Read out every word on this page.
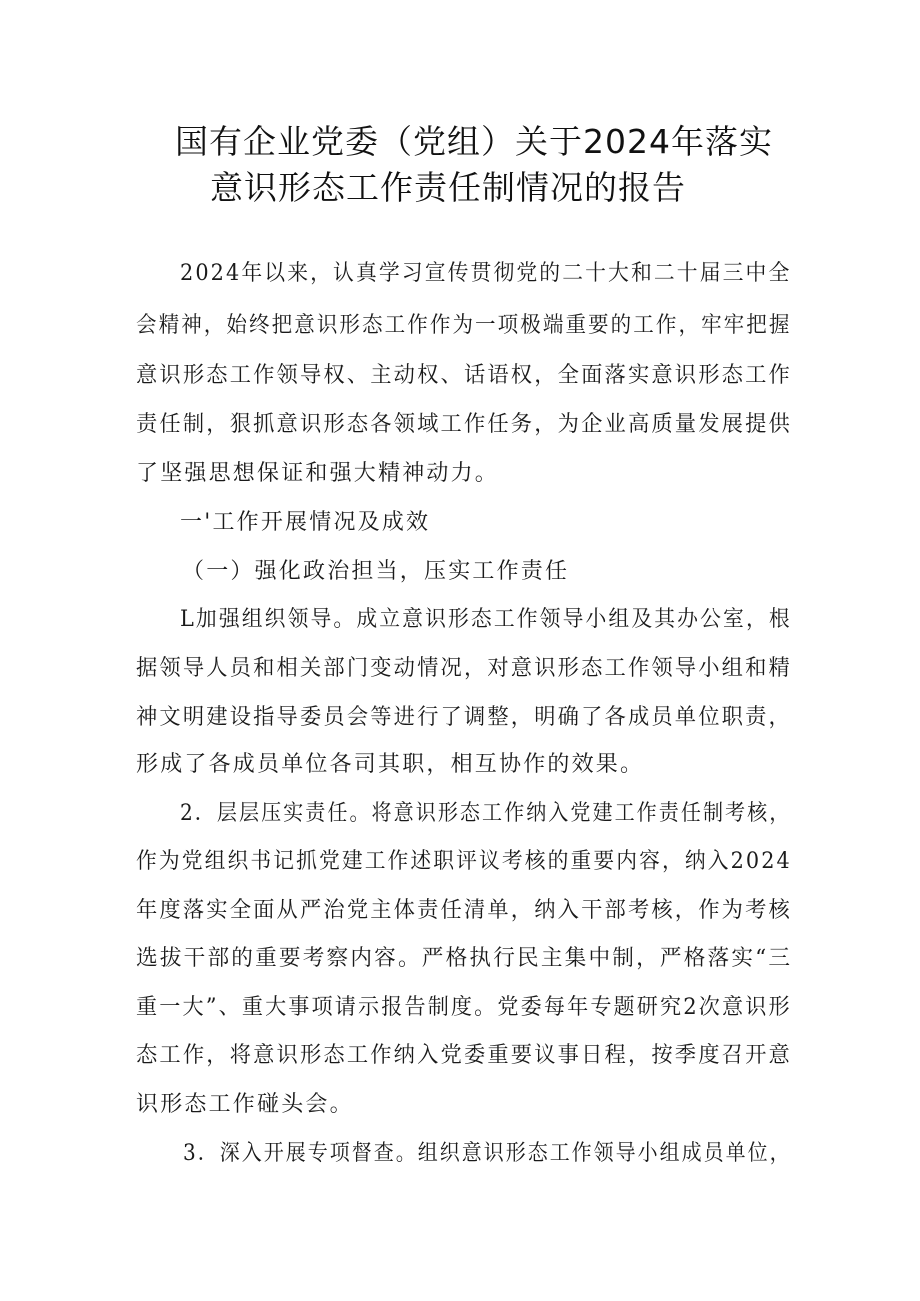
国有企业党委（党组）关于2024年落实
意识形态工作责任制情况的报告
2024年以来，认真学习宣传贯彻党的二十大和二十届三中全
会精神，始终把意识形态工作作为一项极端重要的工作，牢牢把握
意识形态工作领导权、主动权、话语权，全面落实意识形态工作
责任制，狠抓意识形态各领域工作任务，为企业高质量发展提供
了坚强思想保证和强大精神动力。
一'工作开展情况及成效
（一）强化政治担当，压实工作责任
L加强组织领导。成立意识形态工作领导小组及其办公室，根
据领导人员和相关部门变动情况，对意识形态工作领导小组和精
神文明建设指导委员会等进行了调整，明确了各成员单位职责，
形成了各成员单位各司其职，相互协作的效果。
2．层层压实责任。将意识形态工作纳入党建工作责任制考核，
作为党组织书记抓党建工作述职评议考核的重要内容，纳入2024
年度落实全面从严治党主体责任清单，纳入干部考核，作为考核
选拔干部的重要考察内容。严格执行民主集中制，严格落实“三
重一大”、重大事项请示报告制度。党委每年专题研究2次意识形
态工作，将意识形态工作纳入党委重要议事日程，按季度召开意
识形态工作碰头会。
3．深入开展专项督查。组织意识形态工作领导小组成员单位，
